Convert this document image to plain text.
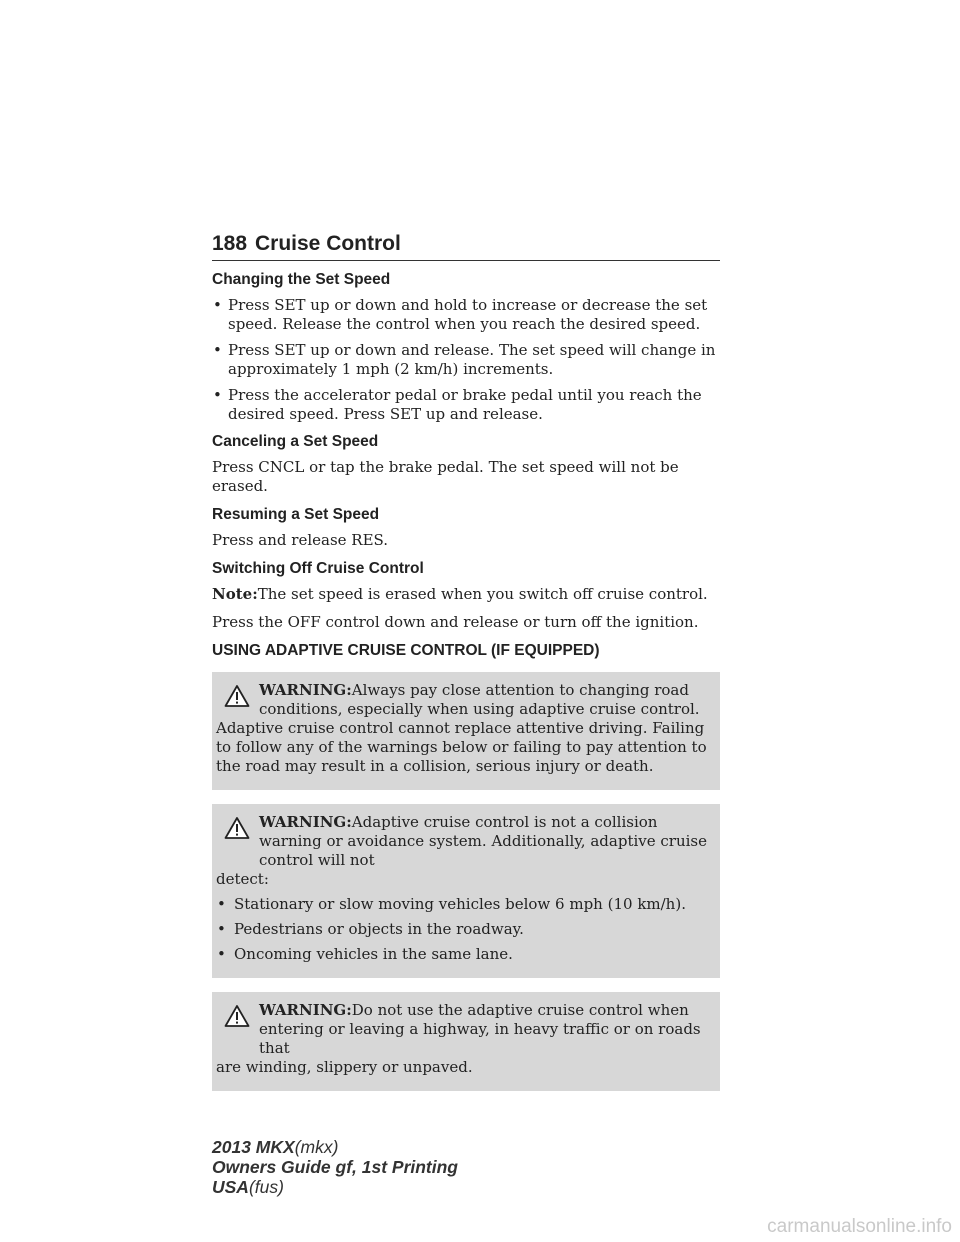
188 Cruise Control
Changing the Set Speed
• Press SET up or down and hold to increase or decrease the set speed. Release the control when you reach the desired speed.
• Press SET up or down and release. The set speed will change in approximately 1 mph (2 km/h) increments.
• Press the accelerator pedal or brake pedal until you reach the desired speed. Press SET up and release.
Canceling a Set Speed
Press CNCL or tap the brake pedal. The set speed will not be erased.
Resuming a Set Speed
Press and release RES.
Switching Off Cruise Control
Note:The set speed is erased when you switch off cruise control.
Press the OFF control down and release or turn off the ignition.
USING ADAPTIVE CRUISE CONTROL (IF EQUIPPED)
WARNING:Always pay close attention to changing road conditions, especially when using adaptive cruise control.
Adaptive cruise control cannot replace attentive driving. Failing to follow any of the warnings below or failing to pay attention to the road may result in a collision, serious injury or death.
WARNING:Adaptive cruise control is not a collision warning or avoidance system. Additionally, adaptive cruise control will not
detect:
• Stationary or slow moving vehicles below 6 mph (10 km/h).
• Pedestrians or objects in the roadway.
• Oncoming vehicles in the same lane.
WARNING:Do not use the adaptive cruise control when entering or leaving a highway, in heavy traffic or on roads that
are winding, slippery or unpaved.
2013 MKX(mkx)
Owners Guide gf, 1st Printing
USA(fus)
carmanualsonline.info
